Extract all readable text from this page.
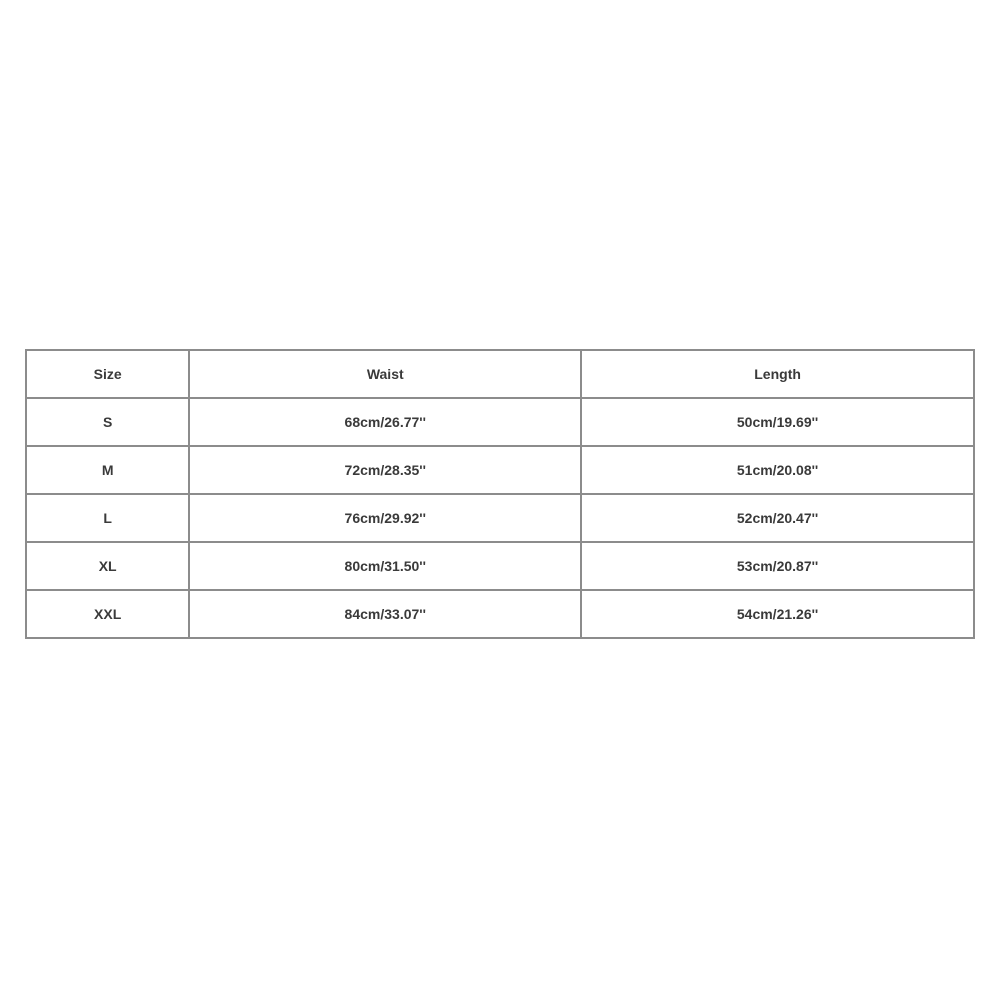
Size	Waist	Length
S	68cm/26.77''	50cm/19.69''
M	72cm/28.35''	51cm/20.08''
L	76cm/29.92''	52cm/20.47''
XL	80cm/31.50''	53cm/20.87''
XXL	84cm/33.07''	54cm/21.26''
